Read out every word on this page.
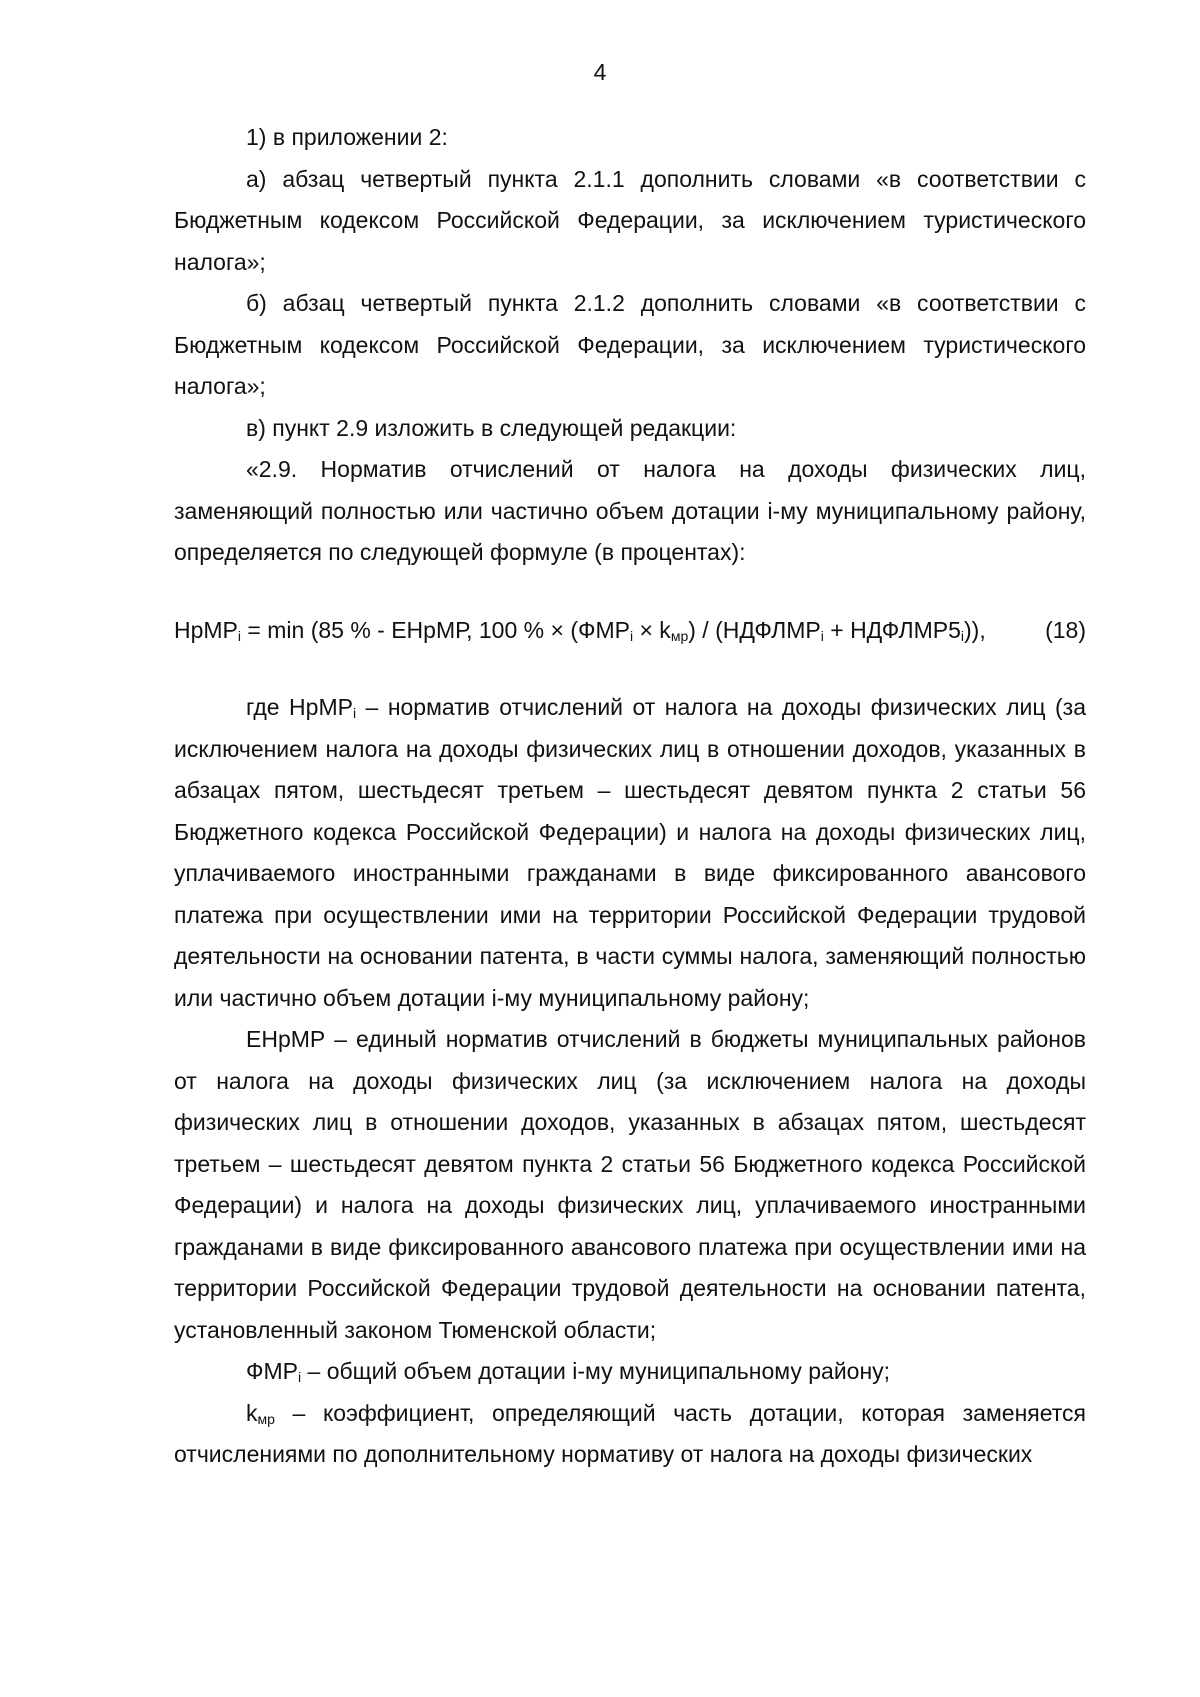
4

1) в приложении 2:

а) абзац четвертый пункта 2.1.1 дополнить словами «в соответствии с Бюджетным кодексом Российской Федерации, за исключением туристического налога»;

б) абзац четвертый пункта 2.1.2 дополнить словами «в соответствии с Бюджетным кодексом Российской Федерации, за исключением туристического налога»;

в) пункт 2.9 изложить в следующей редакции:

«2.9. Норматив отчислений от налога на доходы физических лиц, заменяющий полностью или частично объем дотации i-му муниципальному району, определяется по следующей формуле (в процентах):

НрМР$_i$ = min (85 % - ЕНрМР, 100 % × $(ФМР_i \times k_{мр})$ / ($НДФЛМР_i$ + $НДФЛМР5_i$)),	(18)

где НрМР$_i$ – норматив отчислений от налога на доходы физических лиц (за исключением налога на доходы физических лиц в отношении доходов, указанных в абзацах пятом, шестьдесят третьем – шестьдесят девятом пункта 2 статьи 56 Бюджетного кодекса Российской Федерации) и налога на доходы физических лиц, уплачиваемого иностранными гражданами в виде фиксированного авансового платежа при осуществлении ими на территории Российской Федерации трудовой деятельности на основании патента, в части суммы налога, заменяющий полностью или частично объем дотации i-му муниципальному району;

ЕНрМР – единый норматив отчислений в бюджеты муниципальных районов от налога на доходы физических лиц (за исключением налога на доходы физических лиц в отношении доходов, указанных в абзацах пятом, шестьдесят третьем – шестьдесят девятом пункта 2 статьи 56 Бюджетного кодекса Российской Федерации) и налога на доходы физических лиц, уплачиваемого иностранными гражданами в виде фиксированного авансового платежа при осуществлении ими на территории Российской Федерации трудовой деятельности на основании патента, установленный законом Тюменской области;

$ФМР_i$ – общий объем дотации i-му муниципальному району;

$k_{мр}$ – коэффициент, определяющий часть дотации, которая заменяется отчислениями по дополнительному нормативу от налога на доходы физических
